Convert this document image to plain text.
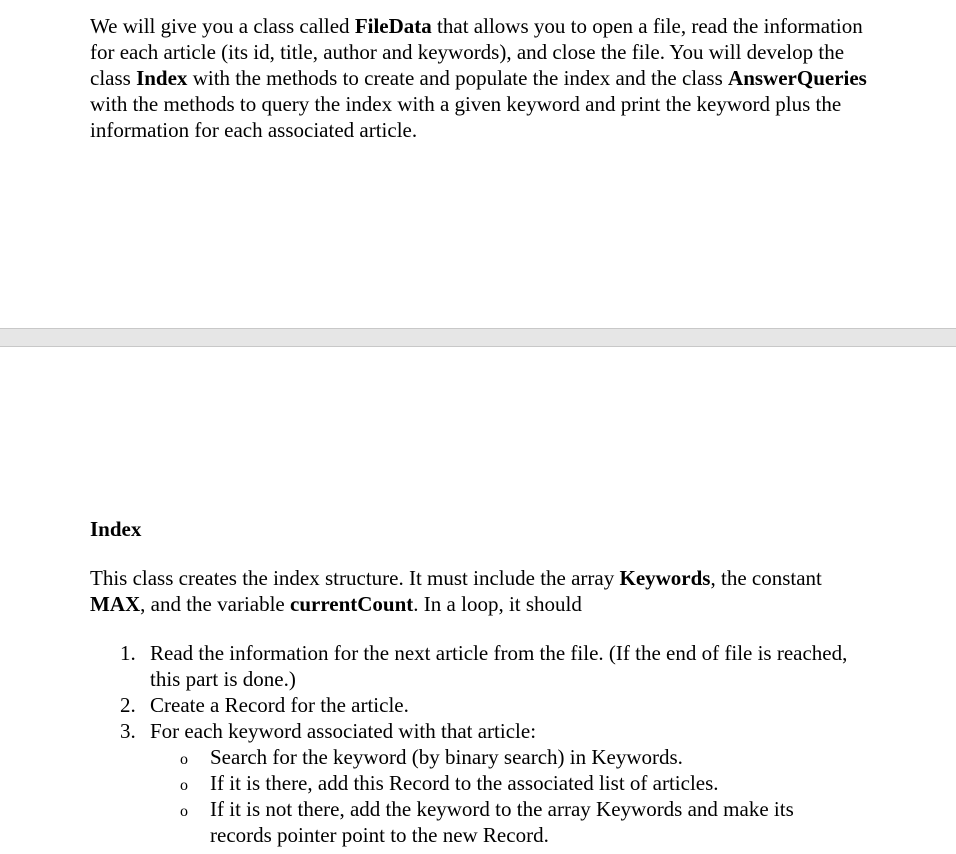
We will give you a class called FileData that allows you to open a file, read the information for each article (its id, title, author and keywords), and close the file. You will develop the class Index with the methods to create and populate the index and the class AnswerQueries with the methods to query the index with a given keyword and print the keyword plus the information for each associated article.

Index

This class creates the index structure. It must include the array Keywords, the constant MAX, and the variable currentCount. In a loop, it should

1. Read the information for the next article from the file. (If the end of file is reached, this part is done.)
2. Create a Record for the article.
3. For each keyword associated with that article:
o Search for the keyword (by binary search) in Keywords.
o If it is there, add this Record to the associated list of articles.
o If it is not there, add the keyword to the array Keywords and make its records pointer point to the new Record.
